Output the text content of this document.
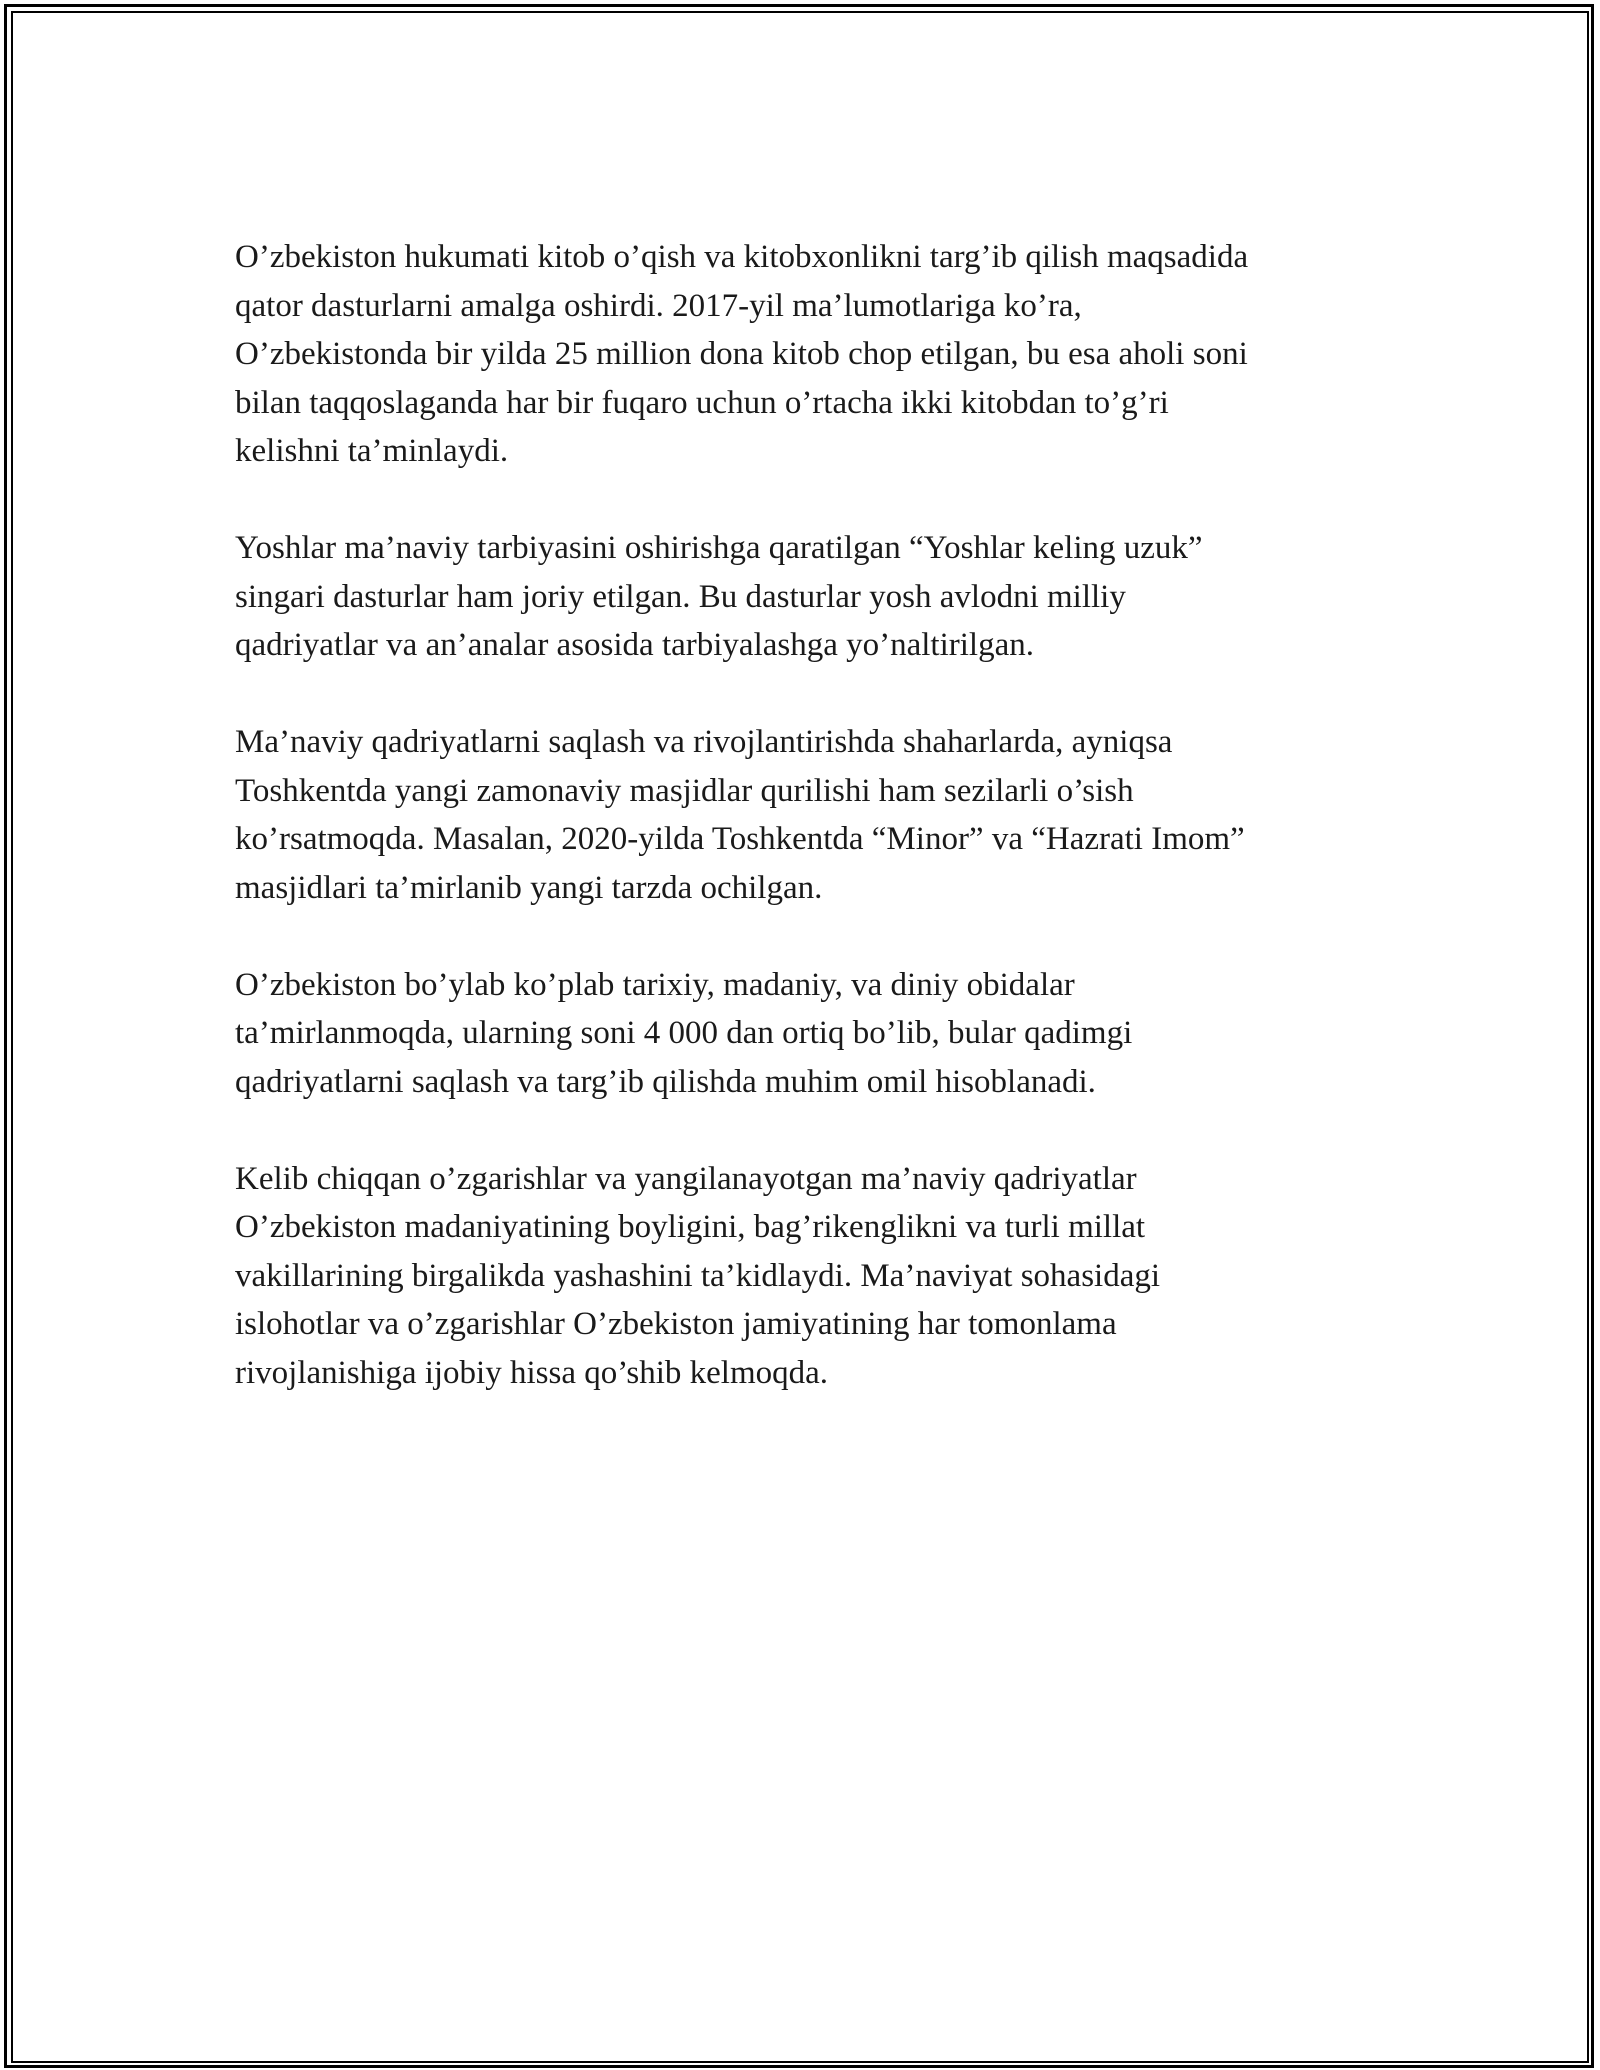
O’zbekiston hukumati kitob o’qish va kitobxonlikni targ’ib qilish maqsadida
qator dasturlarni amalga oshirdi. 2017-yil ma’lumotlariga ko’ra,
O’zbekistonda bir yilda 25 million dona kitob chop etilgan, bu esa aholi soni
bilan taqqoslaganda har bir fuqaro uchun o’rtacha ikki kitobdan to’g’ri
kelishni ta’minlaydi.

Yoshlar ma’naviy tarbiyasini oshirishga qaratilgan “Yoshlar keling uzuk”
singari dasturlar ham joriy etilgan. Bu dasturlar yosh avlodni milliy
qadriyatlar va an’analar asosida tarbiyalashga yo’naltirilgan.

Ma’naviy qadriyatlarni saqlash va rivojlantirishda shaharlarda, ayniqsa
Toshkentda yangi zamonaviy masjidlar qurilishi ham sezilarli o’sish
ko’rsatmoqda. Masalan, 2020-yilda Toshkentda “Minor” va “Hazrati Imom”
masjidlari ta’mirlanib yangi tarzda ochilgan.

O’zbekiston bo’ylab ko’plab tarixiy, madaniy, va diniy obidalar
ta’mirlanmoqda, ularning soni 4 000 dan ortiq bo’lib, bular qadimgi
qadriyatlarni saqlash va targ’ib qilishda muhim omil hisoblanadi.

Kelib chiqqan o’zgarishlar va yangilanayotgan ma’naviy qadriyatlar
O’zbekiston madaniyatining boyligini, bag’rikenglikni va turli millat
vakillarining birgalikda yashashini ta’kidlaydi. Ma’naviyat sohasidagi
islohotlar va o’zgarishlar O’zbekiston jamiyatining har tomonlama
rivojlanishiga ijobiy hissa qo’shib kelmoqda.
